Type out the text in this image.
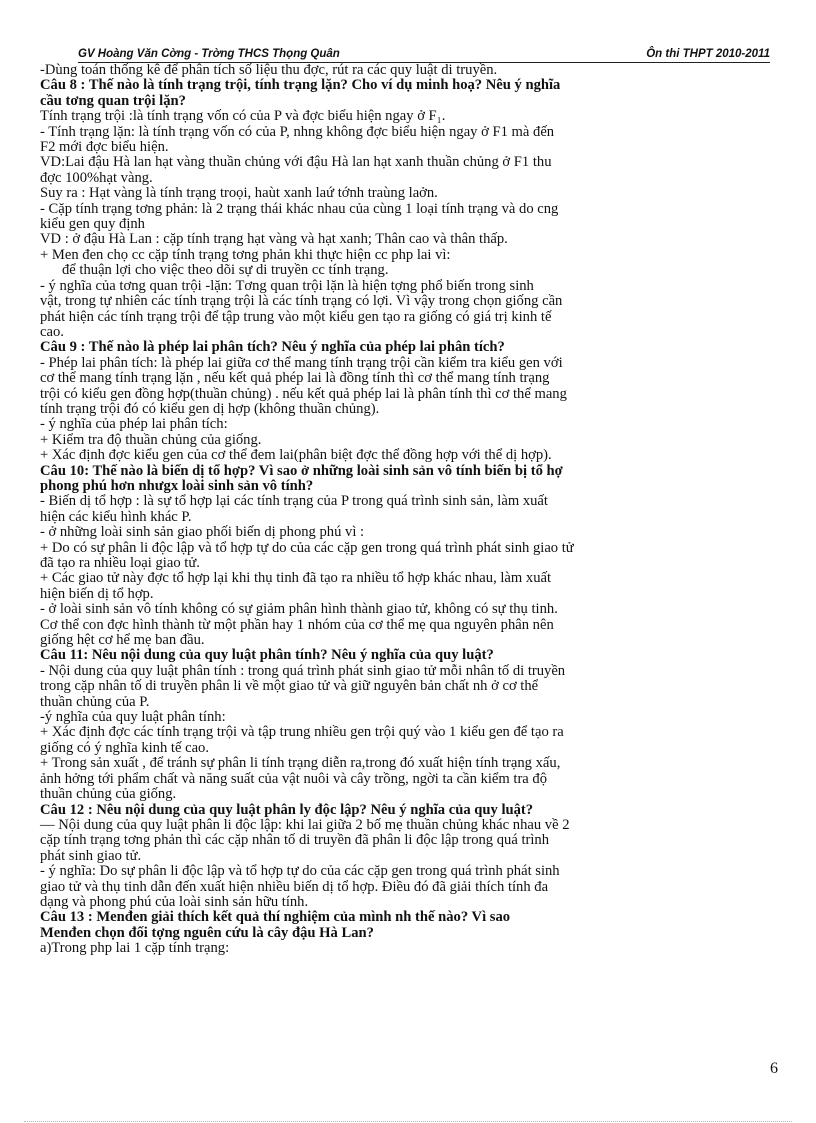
GV Hoàng Văn Cờng - Trờng THCS Thọng Quân	Ôn thi THPT 2010-2011

-Dùng toán thống kê để phân tích số liệu thu đợc, rút ra các quy luật di truyền.

Câu 8 : Thế nào là tính trạng trội, tính trạng lặn? Cho ví dụ minh hoạ? Nêu ý nghĩa

cầu tơng quan trội lặn?

Tính trạng trội :là tính trạng vốn có của P và đợc biểu hiện ngay ở F₁.

- Tính trạng lặn: là tính trạng vốn có của P, nhng không đợc biểu hiện ngay ở F1 mà đến

F2 mới đợc biểu hiện.

VD:Lai đậu Hà lan hạt vàng thuần chủng với đậu Hà lan hạt xanh thuần chủng ở F1 thu

đợc 100%hạt vàng.

Suy ra : Hạt vàng là tính trạng troọi, haùt xanh laứ tớnh traùng laởn.

- Cặp tính trạng tơng phản: là 2 trạng thái khác nhau của cùng 1 loại tính trạng và do cng

kiểu gen quy định

VD : ở đậu Hà Lan : cặp tính trạng hạt vàng và hạt xanh; Thân cao và thân thấp.

+ Men đen chọ cc cặp tính trạng tơng phản khi thực hiện cc php lai vì:

để thuận lợi cho việc theo dõi sự di truyền cc tính trạng.

- ý nghĩa của tơng quan trội -lặn: Tơng quan trội lặn là hiện tợng phổ biến trong sinh

vật, trong tự nhiên các tính trạng trội là các tính trạng có lợi. Vì vậy trong chọn giống cần

phát hiện các tính trạng trội để tập trung vào một kiểu gen tạo ra giống có giá trị kinh tế

cao.

Câu 9 : Thế nào là phép lai phân tích? Nêu ý nghĩa của phép lai phân tích?

- Phép lai phân tích: là phép lai giữa cơ thể mang tính trạng trội cần kiểm tra kiểu gen với

cơ thể mang tính trạng lặn , nếu kết quả phép lai là đồng tính thì cơ thể mang tính trạng

trội có kiểu gen đồng hợp(thuần chủng) . nếu kết quả phép lai là phân tính thì cơ thể mang

tính trạng trội đó có kiểu gen dị hợp (không thuần chủng).

- ý nghĩa của phép lai phân tích:

+ Kiểm tra độ thuần chủng của giống.

+ Xác định đợc kiểu gen của cơ thể đem lai(phân biệt đợc thể đồng hợp với thể dị hợp).

Câu 10: Thế nào là biến dị tổ hợp? Vì sao ở những loài sinh sản vô tính biến bị tổ hợ

phong phú hơn nhưgx loài sinh sản vô tính?

- Biến dị tổ hợp : là sự tổ hợp lại các tính trạng của P trong quá trình sinh sản, làm xuất

hiện các kiểu hình khác P.

- ở những loài sinh sản giao phối biến dị phong phú vì :

+ Do có sự phân li độc lập và tổ hợp tự do của các cặp gen trong quá trình phát sinh giao tử

đã tạo ra nhiều loại giao tử.

+ Các giao tử này đợc tổ hợp lại khi thụ tinh đã tạo ra nhiều tổ hợp khác nhau, làm xuất

hiện biến dị tổ hợp.

- ở loài sinh sản vô tính không có sự giảm phân hình thành giao tử, không có sự thụ tinh.

Cơ thể con đợc hình thành từ một phần hay 1 nhóm của cơ thể mẹ qua nguyên phân nên

giống hệt cơ hể mẹ ban đầu.

Câu 11: Nêu nội dung của quy luật phân tính? Nêu ý nghĩa của quy luật?

- Nội dung của quy luật phân tính : trong quá trình phát sinh giao tử mỗi nhân tố di truyền

trong cặp nhân tố di truyền phân li về một giao tử và giữ nguyên bản chất nh ở cơ thể

thuần chủng của P.

-ý nghĩa của quy luật phân tính:

+ Xác định đợc các tính trạng trội và tập trung nhiều gen trội quý vào 1 kiểu gen để tạo ra

giống có ý nghĩa kinh tế cao.

+ Trong sản xuất , để tránh sự phân li tính trạng diễn ra,trong đó xuất hiện tính trạng xấu,

ảnh hởng tới phẩm chất và năng suất của vật nuôi và cây trồng, ngời ta cần kiểm tra độ

thuần chủng của giống.

Câu 12 : Nêu nội dung của quy luật phân ly độc lập? Nêu ý nghĩa của quy luật?

— Nội dung của quy luật phân li độc lập: khi lai giữa 2 bố mẹ thuần chủng khác nhau về 2

cặp tính trạng tơng phản thì các cặp nhân tố di truyền đã phân li độc lập trong quá trình

phát sinh giao tử.

- ý nghĩa: Do sự phân li độc lập và tổ hợp tự do của các cặp gen trong quá trình phát sinh

giao tử và thụ tinh dẫn đến xuất hiện nhiều biến dị tổ hợp. Điều đó đã giải thích tính đa

dạng và phong phú của loài sinh sản hữu tính.

Câu 13 : Menđen giải thích kết quả thí nghiệm của mình nh thế nào? Vì sao

Menđen chọn đối tợng nguên cứu là cây đậu Hà Lan?

a)Trong php lai 1 cặp tính trạng:

6
